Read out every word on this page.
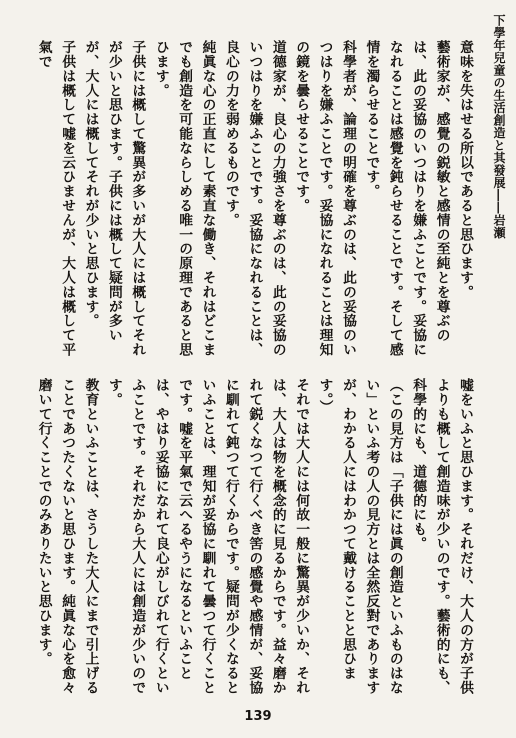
下學年兒童の生活創造と其發展――岩瀬

意味を失はせる所以であると思ひます。

藝術家が、感覺の鋭敏と感情の至純とを尊ぶのは、此の妥協のいつはりを嫌ふことです。妥協になれることは感覺を鈍らせることです。そして感情を濁らせることです。

科學者が、論理の明確を尊ぶのは、此の妥協のいつはりを嫌ふことです。妥協になれることは理知の鏡を曇らせることです。

道德家が、良心の力強さを尊ぶのは、此の妥協のいつはりを嫌ふことです。妥協になれることは、良心の力を弱めるものです。

純眞な心の正直にして素直な働き、それはどこまでも創造を可能ならしめる唯一の原理であると思ひます。

子供には概して驚異が多いが大人には概してそれが少いと思ひます。子供には概して疑問が多いが、大人には概してそれが少いと思ひます。

子供は概して嘘を云ひませんが、大人は概して平氣で

嘘をいふと思ひます。それだけ、大人の方が子供よりも概して創造味が少いのです。藝術的にも、科學的にも、道德的にも。

（この見方は「子供には眞の創造といふものはない」といふ考の人の見方とは全然反對でありますが、わかる人にはわかつて戴けることと思ひます。）

それでは大人には何故一般に驚異が少いか、それは、大人は物を概念的に見るからです。益々磨かれて鋭くなつて行くべき筈の感覺や感情が、妥協に馴れて鈍つて行くからです。疑問が少くなるといふことは、理知が妥協に馴れて曇つて行くことです。嘘を平氣で云へるやうになるといふことは、やはり妥協になれて良心がしびれて行くといふことです。それだから大人には創造が少いのです。

教育といふことは、さうした大人にまで引上げることであつたくないと思ひます。純眞な心を愈々磨いて行くことでのみありたいと思ひます。

139
